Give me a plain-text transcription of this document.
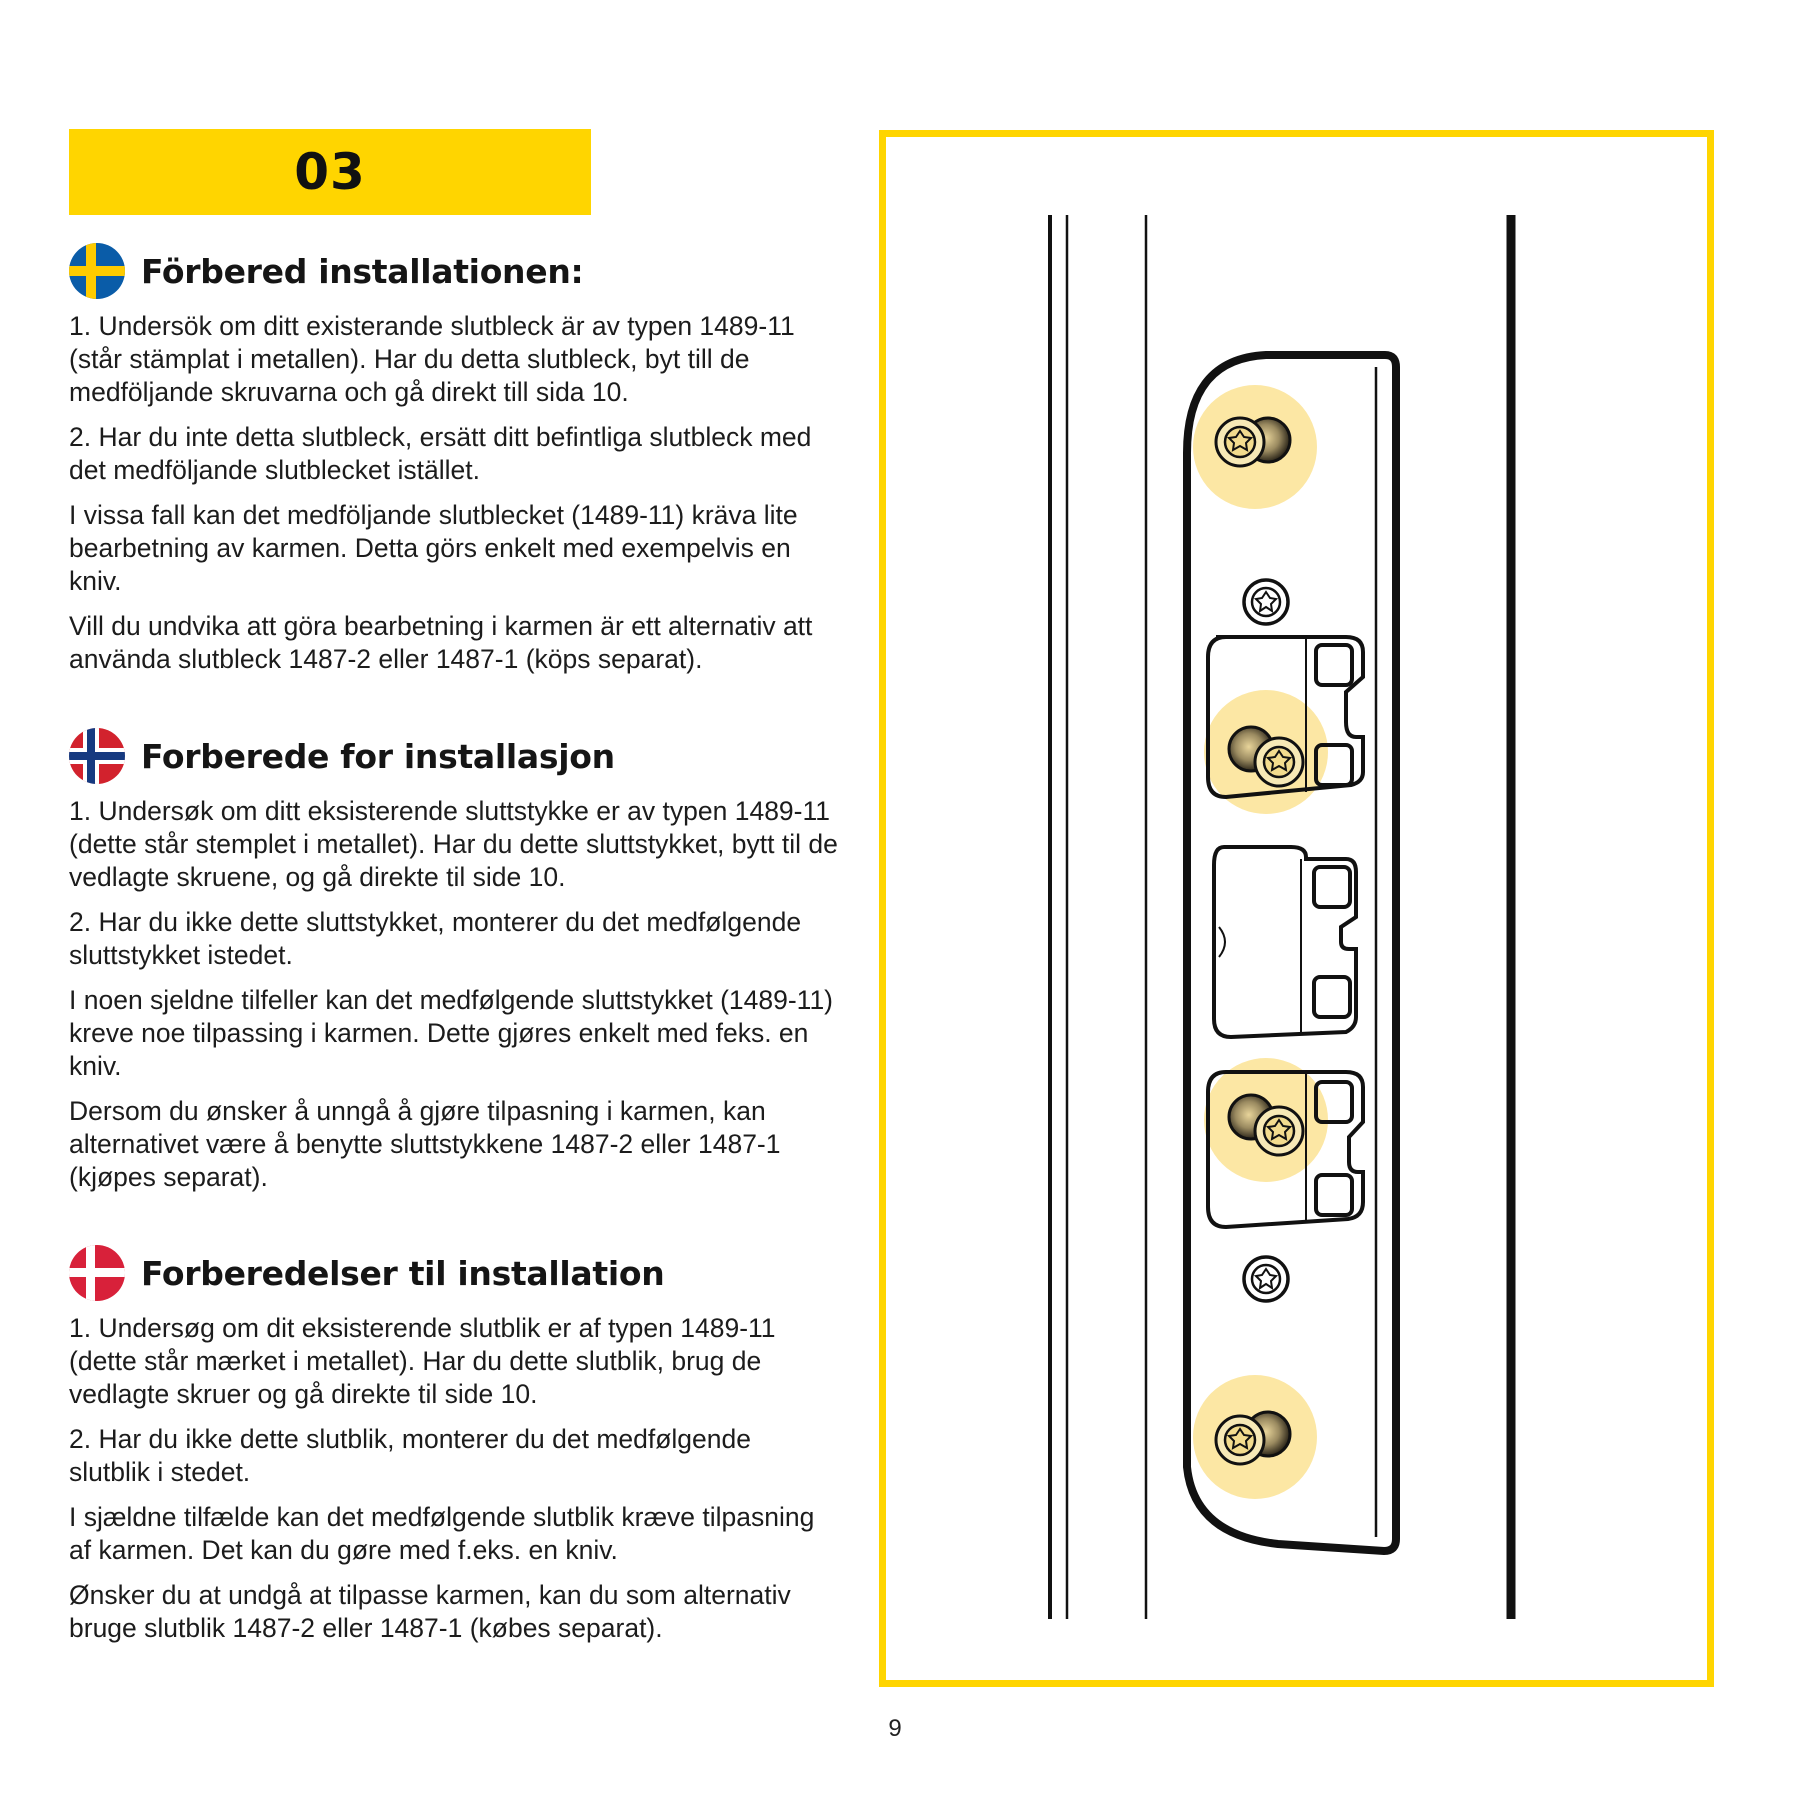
03
Förbered installationen:

1. Undersök om ditt existerande slutbleck är av typen 1489-11 (står stämplat i metallen). Har du detta slutbleck, byt till de medföljande skruvarna och gå direkt till sida 10.

2. Har du inte detta slutbleck, ersätt ditt befintliga slutbleck med det medföljande slutblecket istället.

I vissa fall kan det medföljande slutblecket (1489-11) kräva lite bearbetning av karmen. Detta görs enkelt med exempelvis en kniv.

Vill du undvika att göra bearbetning i karmen är ett alternativ att använda slutbleck 1487-2 eller 1487-1 (köps separat).

Forberede for installasjon

1. Undersøk om ditt eksisterende sluttstykke er av typen 1489-11 (dette står stemplet i metallet). Har du dette sluttstykket, bytt til de vedlagte skruene, og gå direkte til side 10.

2. Har du ikke dette sluttstykket, monterer du det medfølgende sluttstykket istedet.

I noen sjeldne tilfeller kan det medfølgende sluttstykket (1489-11) kreve noe tilpassing i karmen. Dette gjøres enkelt med feks. en kniv.

Dersom du ønsker å unngå å gjøre tilpasning i karmen, kan alternativet være å benytte sluttstykkene 1487-2 eller 1487-1 (kjøpes separat).

Forberedelser til installation

1. Undersøg om dit eksisterende slutblik er af typen 1489-11 (dette står mærket i metallet). Har du dette slutblik, brug de vedlagte skruer og gå direkte til side 10.

2. Har du ikke dette slutblik, monterer du det medfølgende slutblik i stedet.

I sjældne tilfælde kan det medfølgende slutblik kræve tilpasning af karmen. Det kan du gøre med f.eks. en kniv.

Ønsker du at undgå at tilpasse karmen, kan du som alternativ bruge slutblik 1487-2 eller 1487-1 (købes separat).

9
